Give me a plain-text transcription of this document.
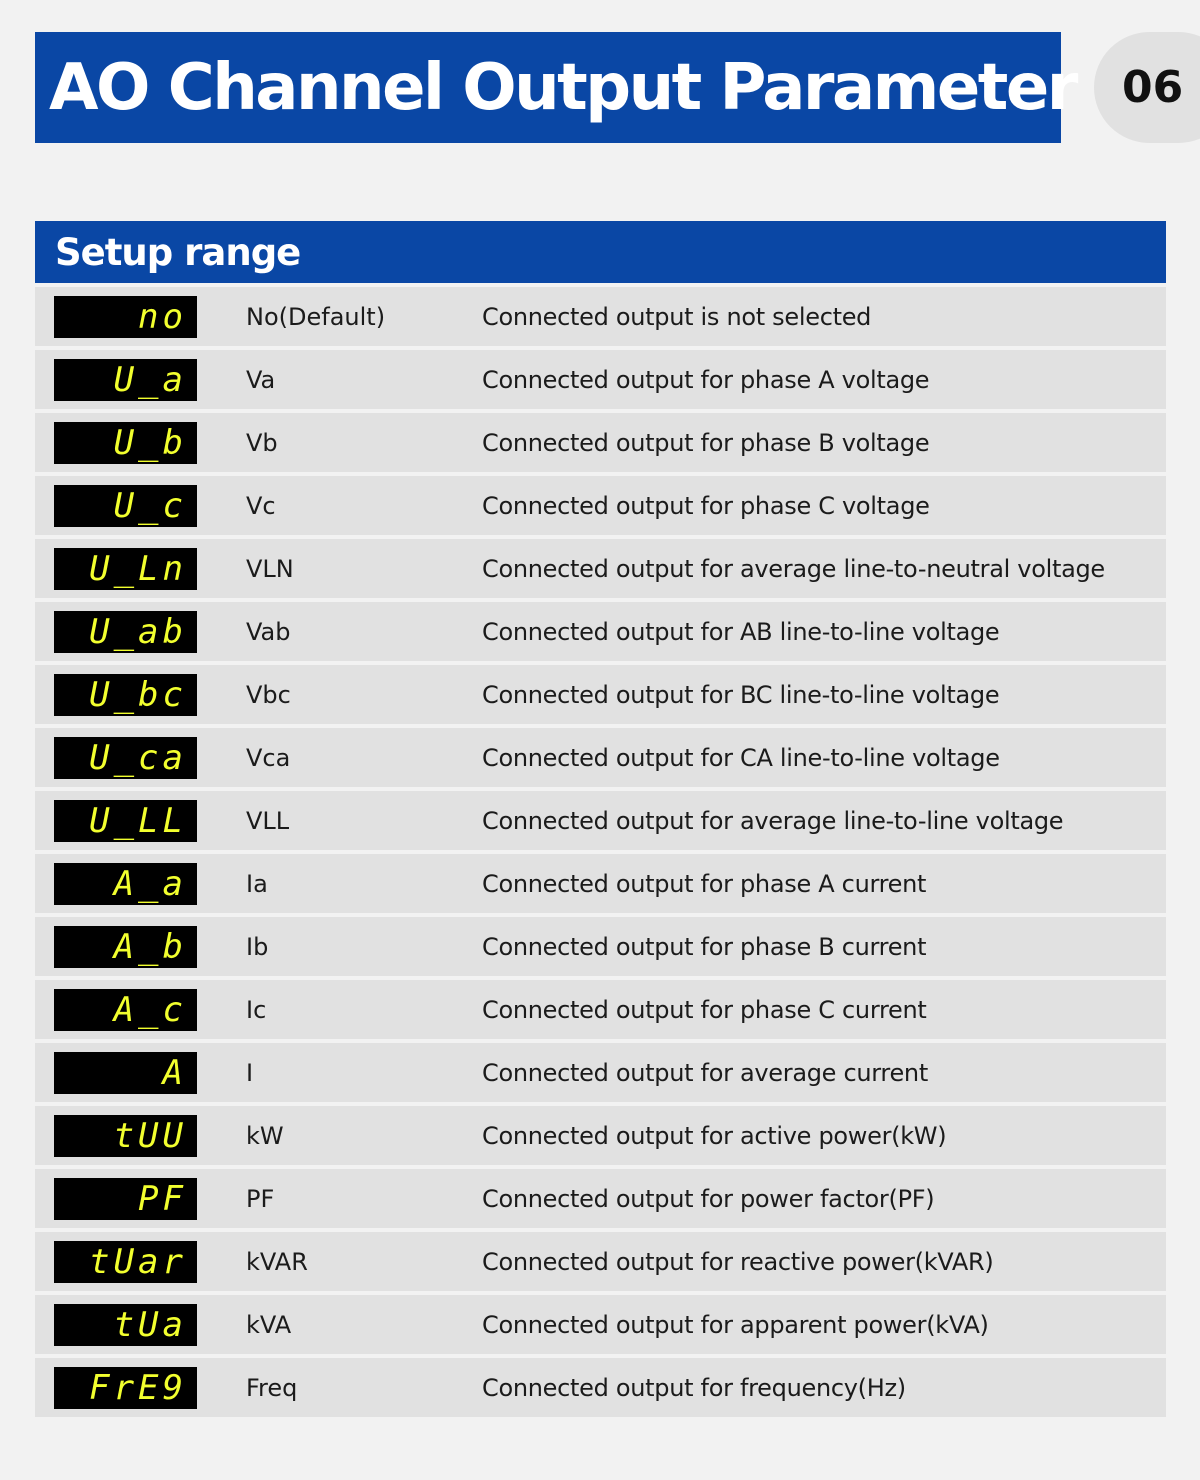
AO Channel Output Parameter 06
Setup range
no No(Default)	Connected output is not selected
U_a Va	Connected output for phase A voltage
U_b Vb	Connected output for phase B voltage
U_c Vc	Connected output for phase C voltage
U_Ln VLN	Connected output for average line-to-neutral voltage
U_ab Vab	Connected output for AB line-to-line voltage
U_bc Vbc	Connected output for BC line-to-line voltage
U_ca Vca	Connected output for CA line-to-line voltage
U_LL VLL	Connected output for average line-to-line voltage
A_a Ia	Connected output for phase A current
A_b Ib	Connected output for phase B current
A_c Ic	Connected output for phase C current
A I	Connected output for average current
tUU kW	Connected output for active power(kW)
PF PF	Connected output for power factor(PF)
tUar kVAR	Connected output for reactive power(kVAR)
tUa kVA	Connected output for apparent power(kVA)
FrE9 Freq	Connected output for frequency(Hz)
